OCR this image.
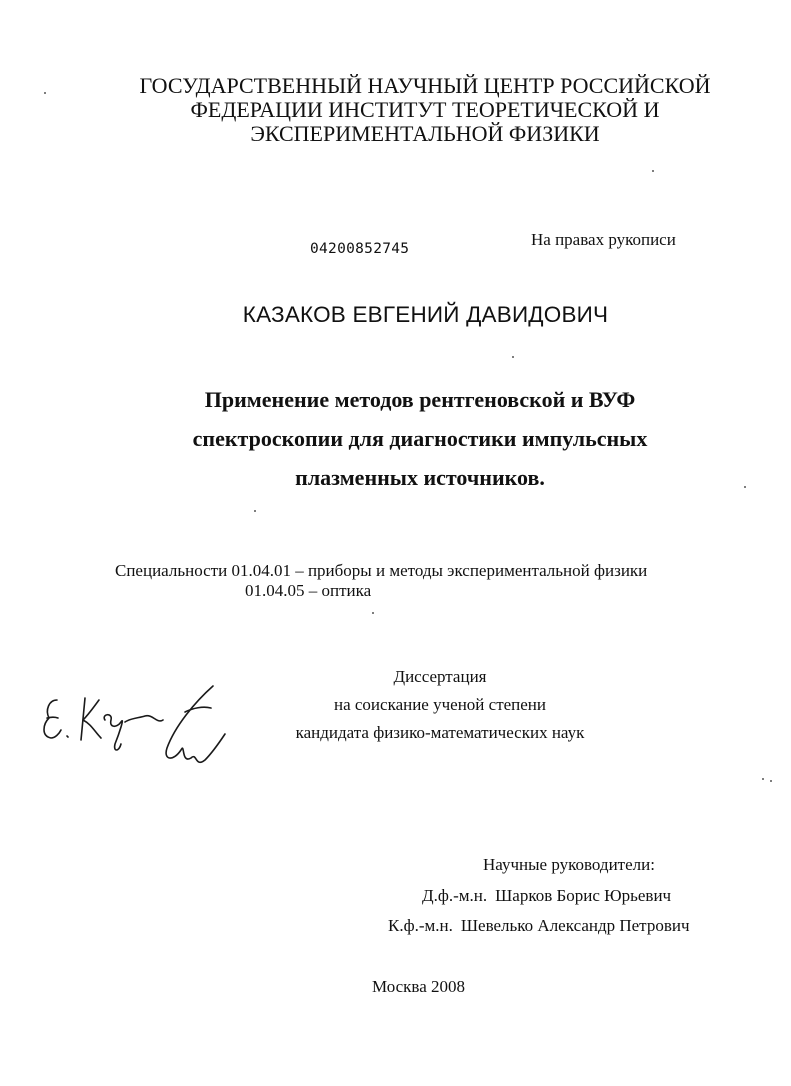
ГОСУДАРСТВЕННЫЙ НАУЧНЫЙ ЦЕНТР РОССИЙСКОЙ
ФЕДЕРАЦИИ ИНСТИТУТ ТЕОРЕТИЧЕСКОЙ И
ЭКСПЕРИМЕНТАЛЬНОЙ ФИЗИКИ
04200852745	На правах рукописи
КАЗАКОВ ЕВГЕНИЙ ДАВИДОВИЧ
Применение методов рентгеновской и ВУФ
спектроскопии для диагностики импульсных
плазменных источников.
Специальности 01.04.01 – приборы и методы экспериментальной физики
01.04.05 – оптика
Диссертация
на соискание ученой степени
кандидата физико-математических наук
Научные руководители:
Д.ф.-м.н. Шарков Борис Юрьевич
К.ф.-м.н. Шевелько Александр Петрович
Москва 2008
